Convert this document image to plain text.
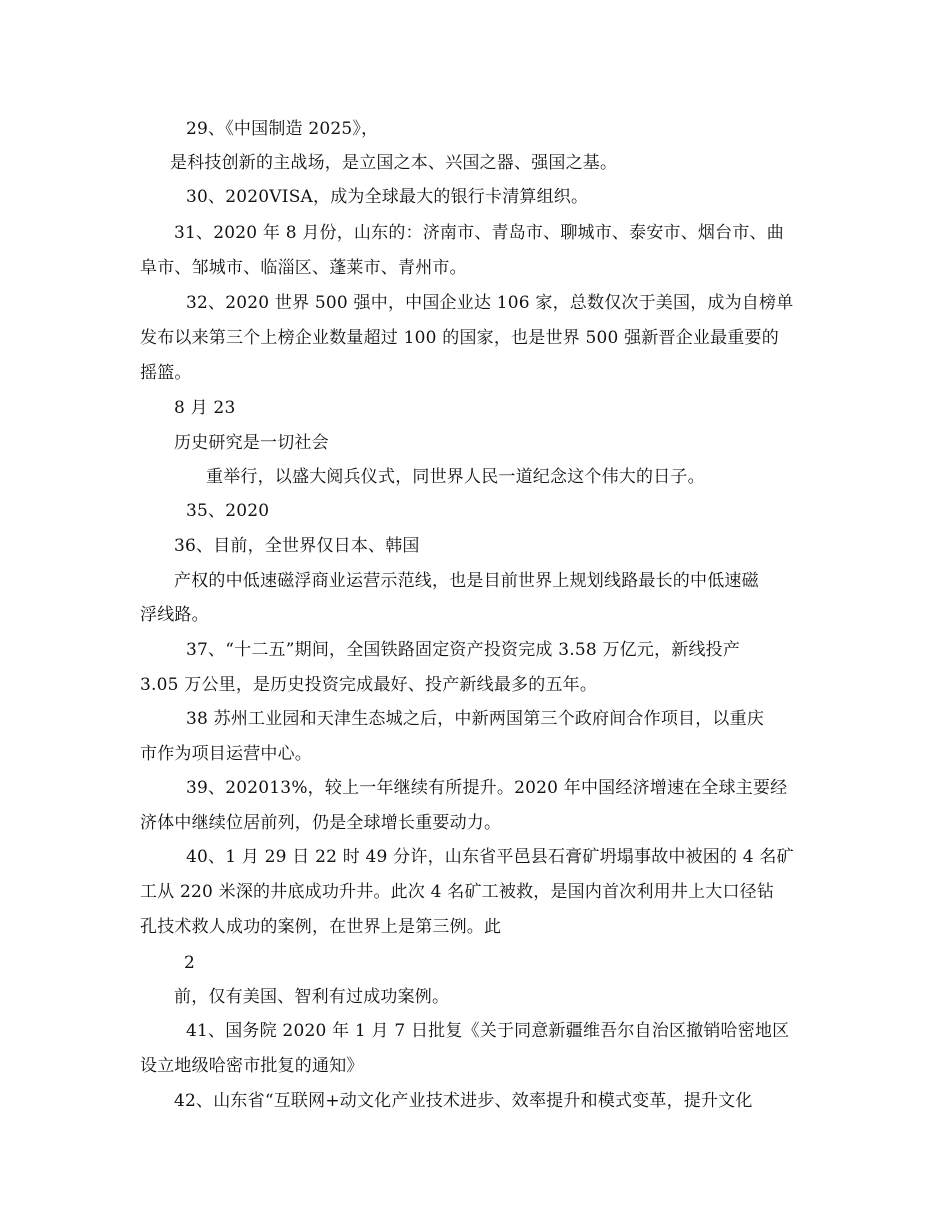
29、《中国制造 2025》，
是科技创新的主战场，是立国之本、兴国之器、强国之基。
30、2020VISA，成为全球最大的银行卡清算组织。
31、2020 年 8 月份，山东的：济南市、青岛市、聊城市、泰安市、烟台市、曲
阜市、邹城市、临淄区、蓬莱市、青州市。
32、2020 世界 500 强中，中国企业达 106 家，总数仅次于美国，成为自榜单
发布以来第三个上榜企业数量超过 100 的国家，也是世界 500 强新晋企业最重要的
摇篮。
8 月 23
历史研究是一切社会
重举行，以盛大阅兵仪式，同世界人民一道纪念这个伟大的日子。
35、2020
36、目前，全世界仅日本、韩国
产权的中低速磁浮商业运营示范线，也是目前世界上规划线路最长的中低速磁
浮线路。
37、“十二五”期间，全国铁路固定资产投资完成 3.58 万亿元，新线投产
3.05 万公里，是历史投资完成最好、投产新线最多的五年。
38 苏州工业园和天津生态城之后，中新两国第三个政府间合作项目，以重庆
市作为项目运营中心。
39、202013%，较上一年继续有所提升。2020 年中国经济增速在全球主要经
济体中继续位居前列，仍是全球增长重要动力。
40、1 月 29 日 22 时 49 分许，山东省平邑县石膏矿坍塌事故中被困的 4 名矿
工从 220 米深的井底成功升井。此次 4 名矿工被救，是国内首次利用井上大口径钻
孔技术救人成功的案例，在世界上是第三例。此
2
前，仅有美国、智利有过成功案例。
41、国务院 2020 年 1 月 7 日批复《关于同意新疆维吾尔自治区撤销哈密地区
设立地级哈密市批复的通知》
42、山东省“互联网+动文化产业技术进步、效率提升和模式变革，提升文化
